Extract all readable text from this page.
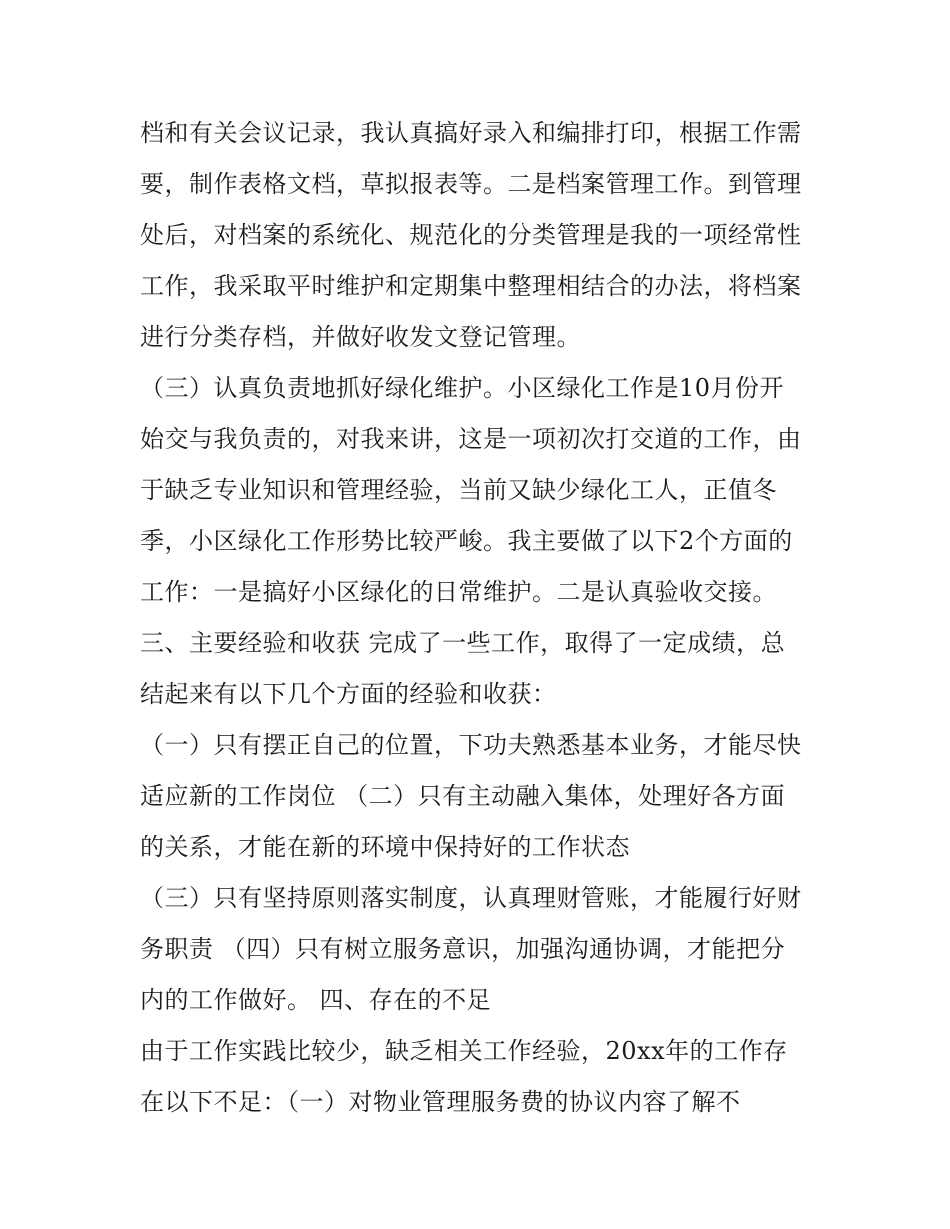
档和有关会议记录，我认真搞好录入和编排打印，根据工作需
要，制作表格文档，草拟报表等。二是档案管理工作。到管理
处后，对档案的系统化、规范化的分类管理是我的一项经常性
工作，我采取平时维护和定期集中整理相结合的办法，将档案
进行分类存档，并做好收发文登记管理。
（三）认真负责地抓好绿化维护。小区绿化工作是10月份开
始交与我负责的，对我来讲，这是一项初次打交道的工作，由
于缺乏专业知识和管理经验，当前又缺少绿化工人，正值冬
季，小区绿化工作形势比较严峻。我主要做了以下2个方面的
工作：一是搞好小区绿化的日常维护。二是认真验收交接。
三、主要经验和收获 完成了一些工作，取得了一定成绩，总
结起来有以下几个方面的经验和收获：
（一）只有摆正自己的位置，下功夫熟悉基本业务，才能尽快
适应新的工作岗位 （二）只有主动融入集体，处理好各方面
的关系，才能在新的环境中保持好的工作状态
（三）只有坚持原则落实制度，认真理财管账，才能履行好财
务职责 （四）只有树立服务意识，加强沟通协调，才能把分
内的工作做好。 四、存在的不足
由于工作实践比较少，缺乏相关工作经验，20xx年的工作存
在以下不足：（一）对物业管理服务费的协议内容了解不
